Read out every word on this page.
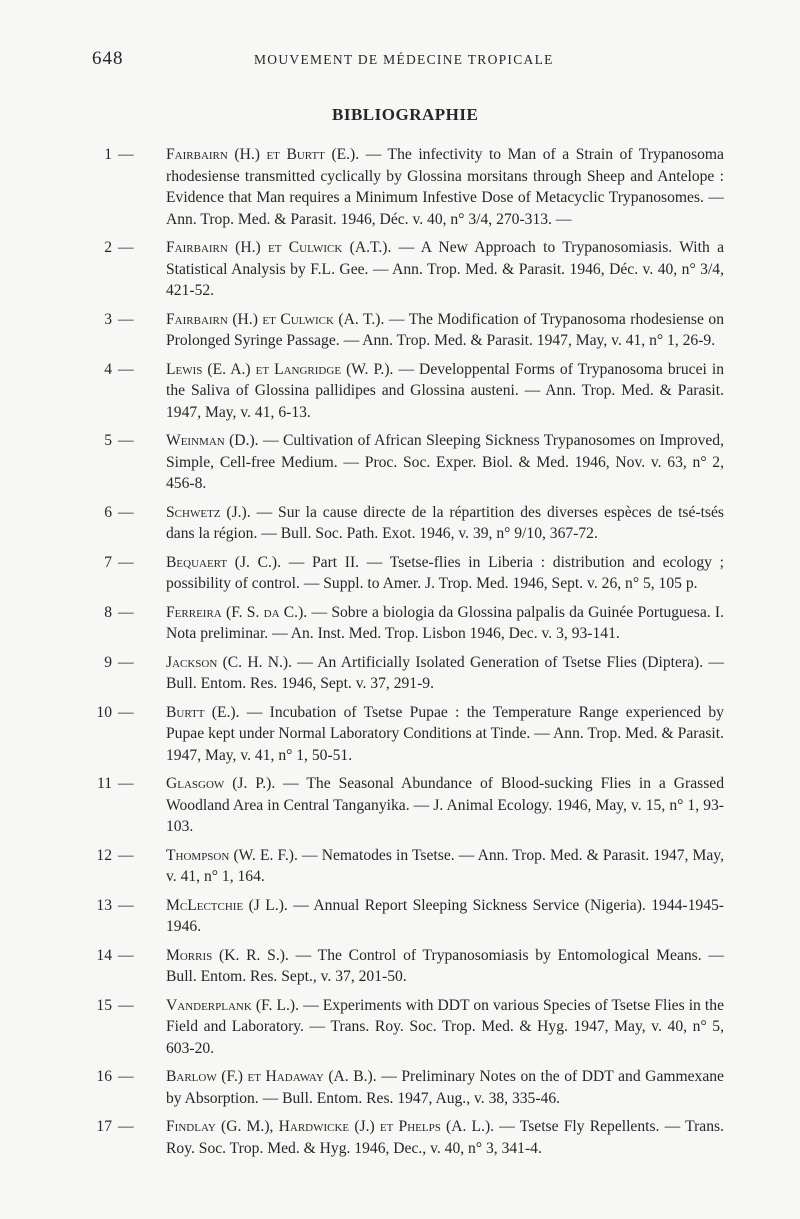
648	MOUVEMENT DE MÉDECINE TROPICALE
BIBLIOGRAPHIE
1 — Fairbairn (H.) et Burtt (E.). — The infectivity to Man of a Strain of Trypanosoma rhodesiense transmitted cyclically by Glossina morsitans through Sheep and Antelope : Evidence that Man requires a Minimum Infestive Dose of Metacyclic Trypanosomes. — Ann. Trop. Med. & Parasit. 1946, Déc. v. 40, n° 3/4, 270-313. —
2 — Fairbairn (H.) et Culwick (A.T.). — A New Approach to Trypanosomiasis. With a Statistical Analysis by F.L. Gee. — Ann. Trop. Med. & Parasit. 1946, Déc. v. 40, n° 3/4, 421-52.
3 — Fairbairn (H.) et Culwick (A. T.). — The Modification of Trypanosoma rhodesiense on Prolonged Syringe Passage. — Ann. Trop. Med. & Parasit. 1947, May, v. 41, n° 1, 26-9.
4 — Lewis (E. A.) et Langridge (W. P.). — Developpental Forms of Trypanosoma brucei in the Saliva of Glossina pallidipes and Glossina austeni. — Ann. Trop. Med. & Parasit. 1947, May, v. 41, 6-13.
5 — Weinman (D.). — Cultivation of African Sleeping Sickness Trypanosomes on Improved, Simple, Cell-free Medium. — Proc. Soc. Exper. Biol. & Med. 1946, Nov. v. 63, n° 2, 456-8.
6 — Schwetz (J.). — Sur la cause directe de la répartition des diverses espèces de tsé-tsés dans la région. — Bull. Soc. Path. Exot. 1946, v. 39, n° 9/10, 367-72.
7 — Bequaert (J. C.). — Part II. — Tsetse-flies in Liberia : distribution and ecology ; possibility of control. — Suppl. to Amer. J. Trop. Med. 1946, Sept. v. 26, n° 5, 105 p.
8 — Ferreira (F. S. da C.). — Sobre a biologia da Glossina palpalis da Guinée Portuguesa. I. Nota preliminar. — An. Inst. Med. Trop. Lisbon 1946, Dec. v. 3, 93-141.
9 — Jackson (C. H. N.). — An Artificially Isolated Generation of Tsetse Flies (Diptera). — Bull. Entom. Res. 1946, Sept. v. 37, 291-9.
10 — Burtt (E.). — Incubation of Tsetse Pupae : the Temperature Range experienced by Pupae kept under Normal Laboratory Conditions at Tinde. — Ann. Trop. Med. & Parasit. 1947, May, v. 41, n° 1, 50-51.
11 — Glasgow (J. P.). — The Seasonal Abundance of Blood-sucking Flies in a Grassed Woodland Area in Central Tanganyika. — J. Animal Ecology. 1946, May, v. 15, n° 1, 93-103.
12 — Thompson (W. E. F.). — Nematodes in Tsetse. — Ann. Trop. Med. & Parasit. 1947, May, v. 41, n° 1, 164.
13 — McLectchie (J L.). — Annual Report Sleeping Sickness Service (Nigeria). 1944-1945-1946.
14 — Morris (K. R. S.). — The Control of Trypanosomiasis by Entomological Means. — Bull. Entom. Res. Sept., v. 37, 201-50.
15 — Vanderplank (F. L.). — Experiments with DDT on various Species of Tsetse Flies in the Field and Laboratory. — Trans. Roy. Soc. Trop. Med. & Hyg. 1947, May, v. 40, n° 5, 603-20.
16 — Barlow (F.) et Hadaway (A. B.). — Preliminary Notes on the of DDT and Gammexane by Absorption. — Bull. Entom. Res. 1947, Aug., v. 38, 335-46.
17 — Findlay (G. M.), Hardwicke (J.) et Phelps (A. L.). — Tsetse Fly Repellents. — Trans. Roy. Soc. Trop. Med. & Hyg. 1946, Dec., v. 40, n° 3, 341-4.
